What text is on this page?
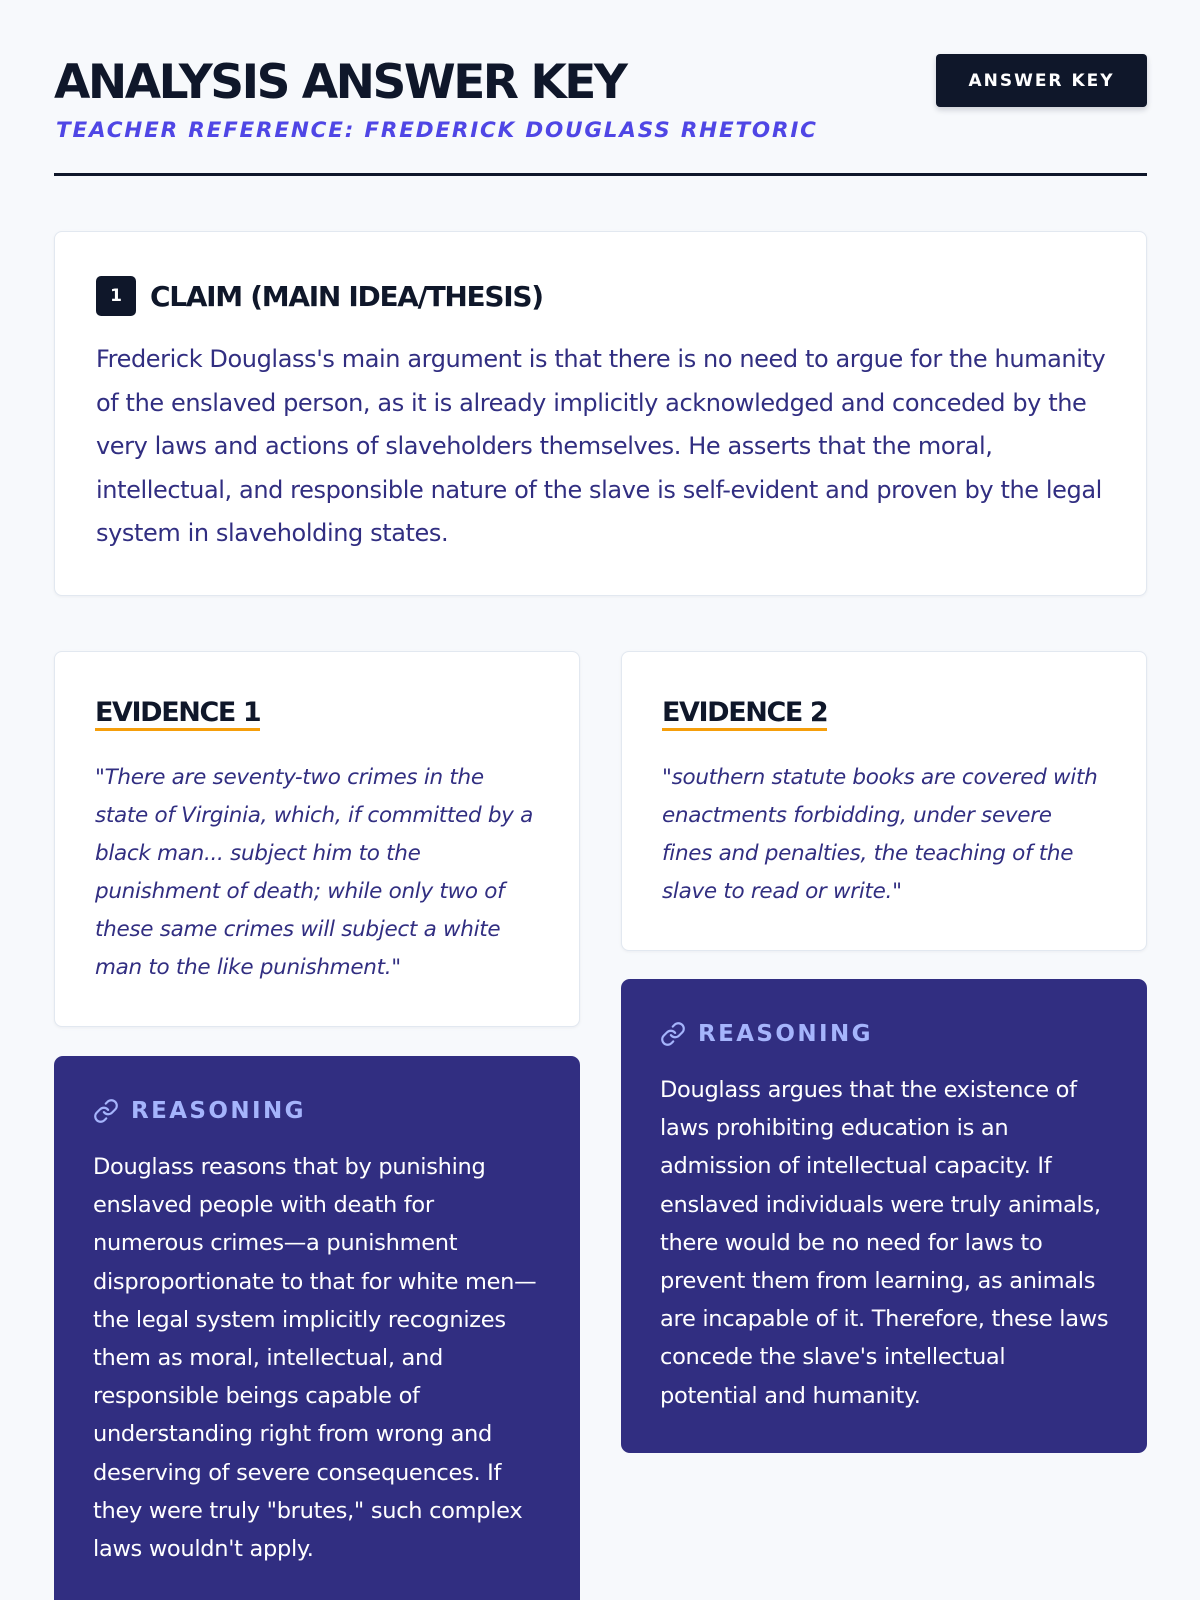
ANALYSIS ANSWER KEY
TEACHER REFERENCE: FREDERICK DOUGLASS RHETORIC
ANSWER KEY
1	CLAIM (MAIN IDEA/THESIS)

Frederick Douglass's main argument is that there is no need to argue for the humanity of the enslaved person, as it is already implicitly acknowledged and conceded by the very laws and actions of slaveholders themselves. He asserts that the moral, intellectual, and responsible nature of the slave is self-evident and proven by the legal system in slaveholding states.

EVIDENCE 1

"There are seventy-two crimes in the state of Virginia, which, if committed by a black man... subject him to the punishment of death; while only two of these same crimes will subject a white man to the like punishment."

EVIDENCE 2

"southern statute books are covered with enactments forbidding, under severe fines and penalties, the teaching of the slave to read or write."

REASONING

Douglass reasons that by punishing enslaved people with death for numerous crimes—a punishment disproportionate to that for white men—the legal system implicitly recognizes them as moral, intellectual, and responsible beings capable of understanding right from wrong and deserving of severe consequences. If they were truly "brutes," such complex laws wouldn't apply.

REASONING

Douglass argues that the existence of laws prohibiting education is an admission of intellectual capacity. If enslaved individuals were truly animals, there would be no need for laws to prevent them from learning, as animals are incapable of it. Therefore, these laws concede the slave's intellectual potential and humanity.
